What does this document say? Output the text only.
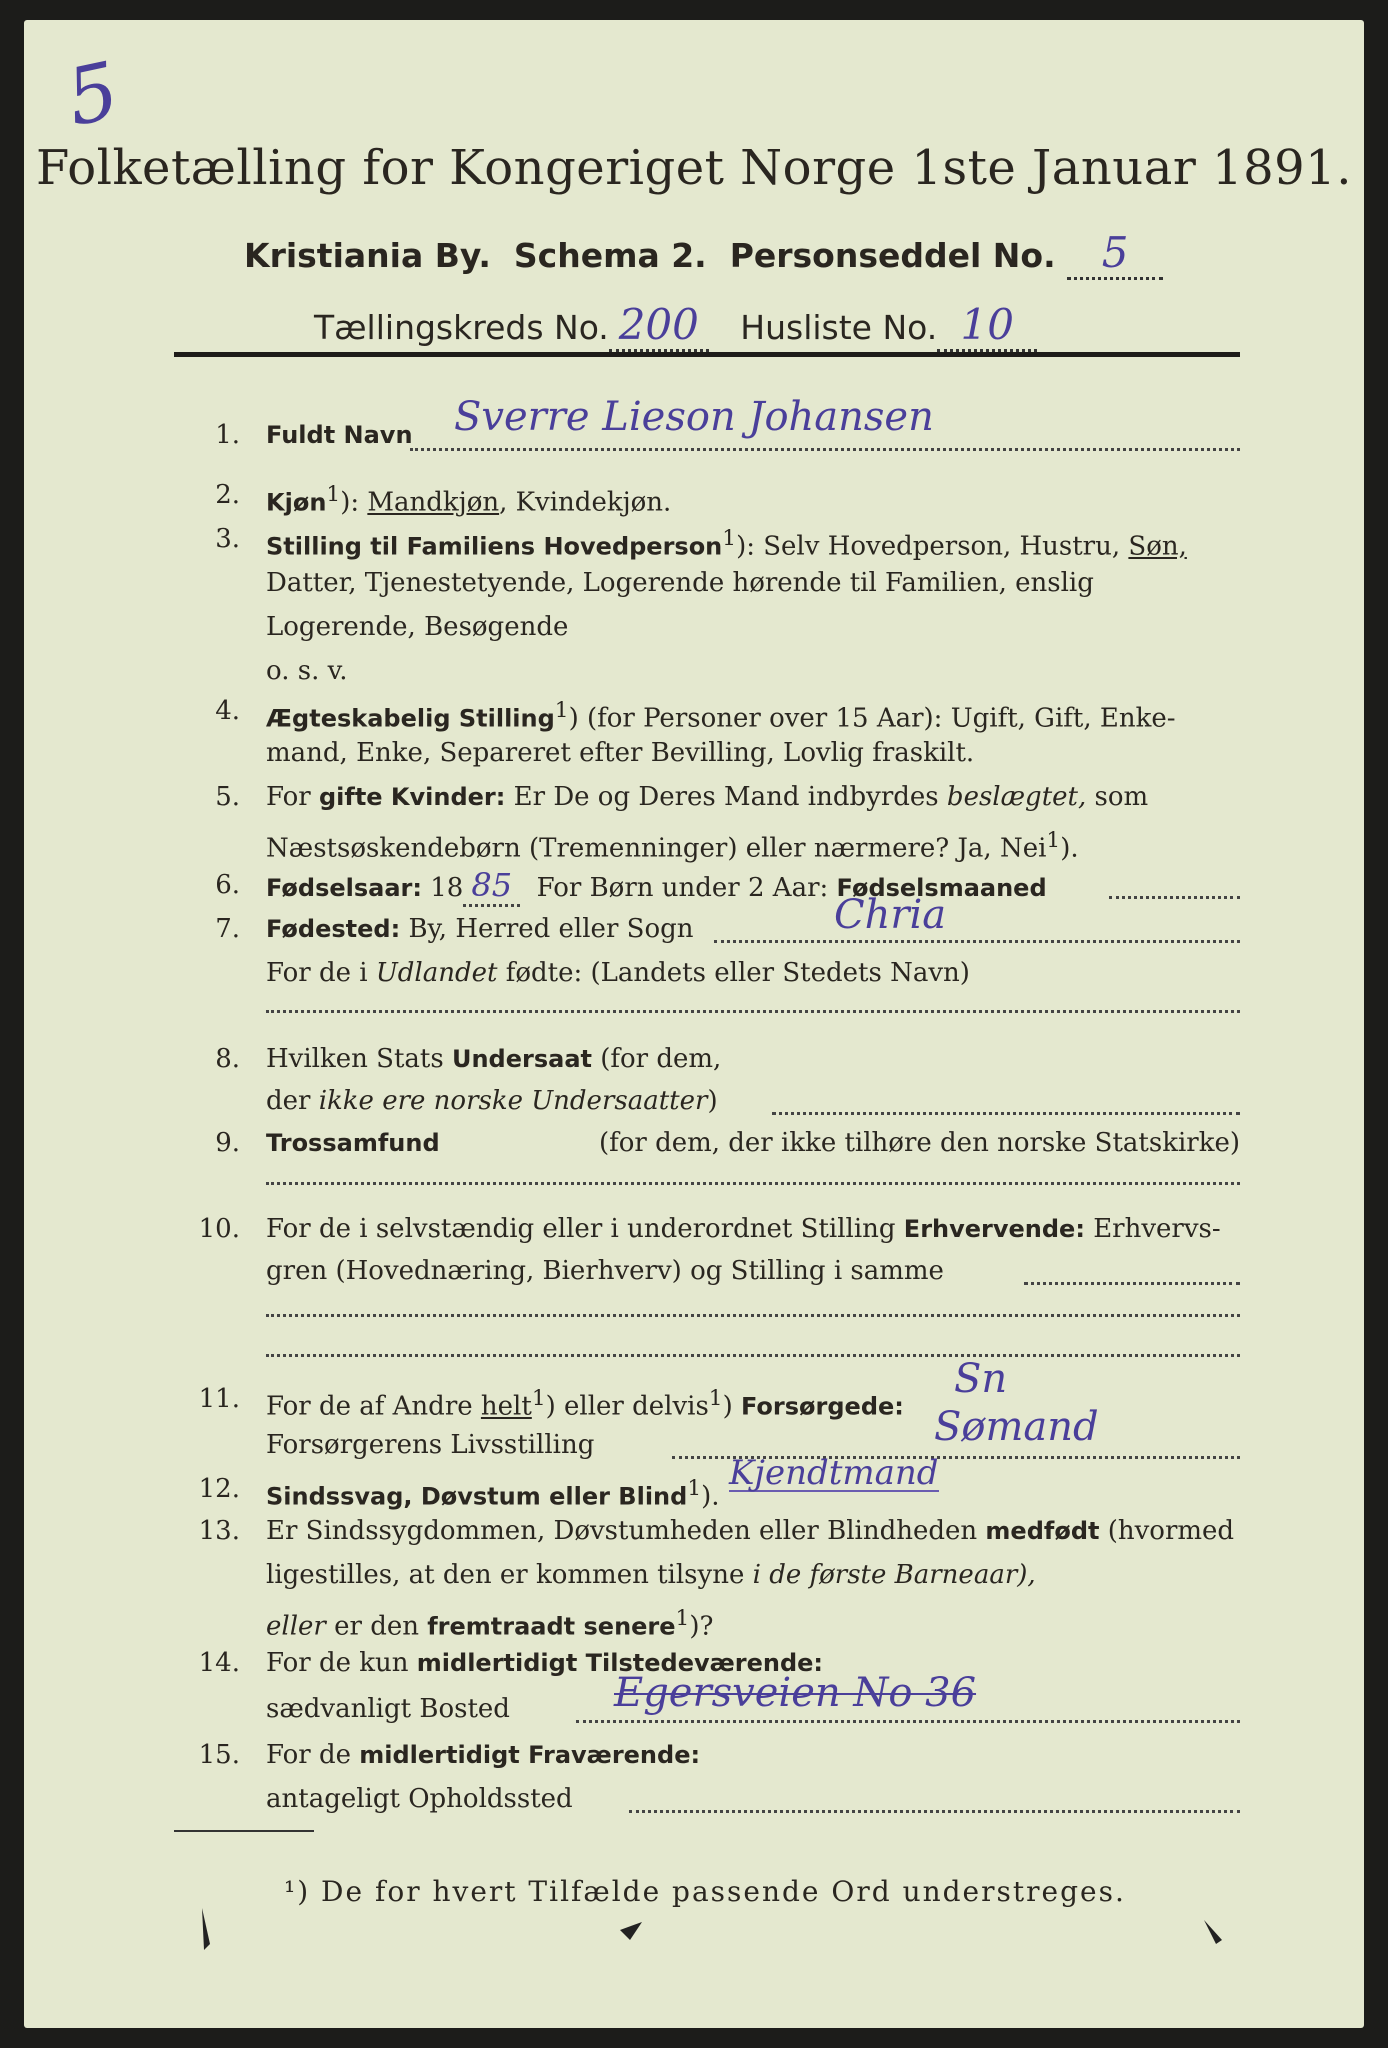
5
Folketælling for Kongeriget Norge 1ste Januar 1891.
Kristiania By. Schema 2. Personseddel No. 5
Tællingskreds No. 200 Husliste No. 10
1. Fuldt Navn	Sverre Lieson Johansen
2. Kjøn$^1$): Mandkjøn, Kvindekjøn.
3. Stilling til Familiens Hovedperson$^1$): Selv Hovedperson, Hustru, Søn,
Datter, Tjenestetyende, Logerende hørende til Familien, enslig
Logerende, Besøgende
o. s. v.
4. Ægteskabelig Stilling$^1$) (for Personer over 15 Aar): Ugift, Gift, Enke-
mand, Enke, Separeret efter Bevilling, Lovlig fraskilt.
5. For gifte Kvinder: Er De og Deres Mand indbyrdes beslægtet, som
Næstsøskendebørn (Tremenninger) eller nærmere? Ja, Nei$^1$).
6. Fødselsaar: 18 85 For Børn under 2 Aar: Fødselsmaaned
7. Fødested: By, Herred eller Sogn	Chria
For de i Udlandet fødte: (Landets eller Stedets Navn)
8. Hvilken Stats Undersaat (for dem,
der ikke ere norske Undersaatter)
9. Trossamfund	(for dem, der ikke tilhøre den norske Statskirke)
10. For de i selvstændig eller i underordnet Stilling Erhvervende: Erhvervs-
gren (Hovednæring, Bierhverv) og Stilling i samme
11. For de af Andre helt$^1$) eller delvis$^1$) Forsørgede:
Sn
Forsørgerens Livsstilling	Sømand
12. Sindssvag, Døvstum eller Blind$^1$).
Kjendtmand
13. Er Sindssygdommen, Døvstumheden eller Blindheden medfødt (hvormed
ligestilles, at den er kommen tilsyne i de første Barneaar),
eller er den fremtraadt senere$^1$)?
14. For de kun midlertidigt Tilstedeværende:
sædvanligt Bosted	Egersveien No 36
15. For de midlertidigt Fraværende:
antageligt Opholdssted
¹) De for hvert Tilfælde passende Ord understreges.
